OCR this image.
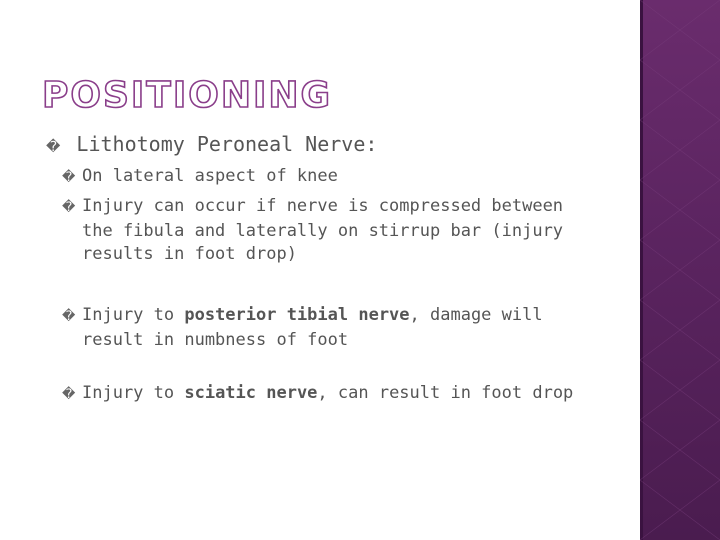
POSITIONING
� Lithotomy Peroneal Nerve:
� On lateral aspect of knee
� Injury can occur if nerve is compressed between
the fibula and laterally on stirrup bar (injury
results in foot drop)
� Injury to posterior tibial nerve, damage will
result in numbness of foot
� Injury to sciatic nerve, can result in foot drop
